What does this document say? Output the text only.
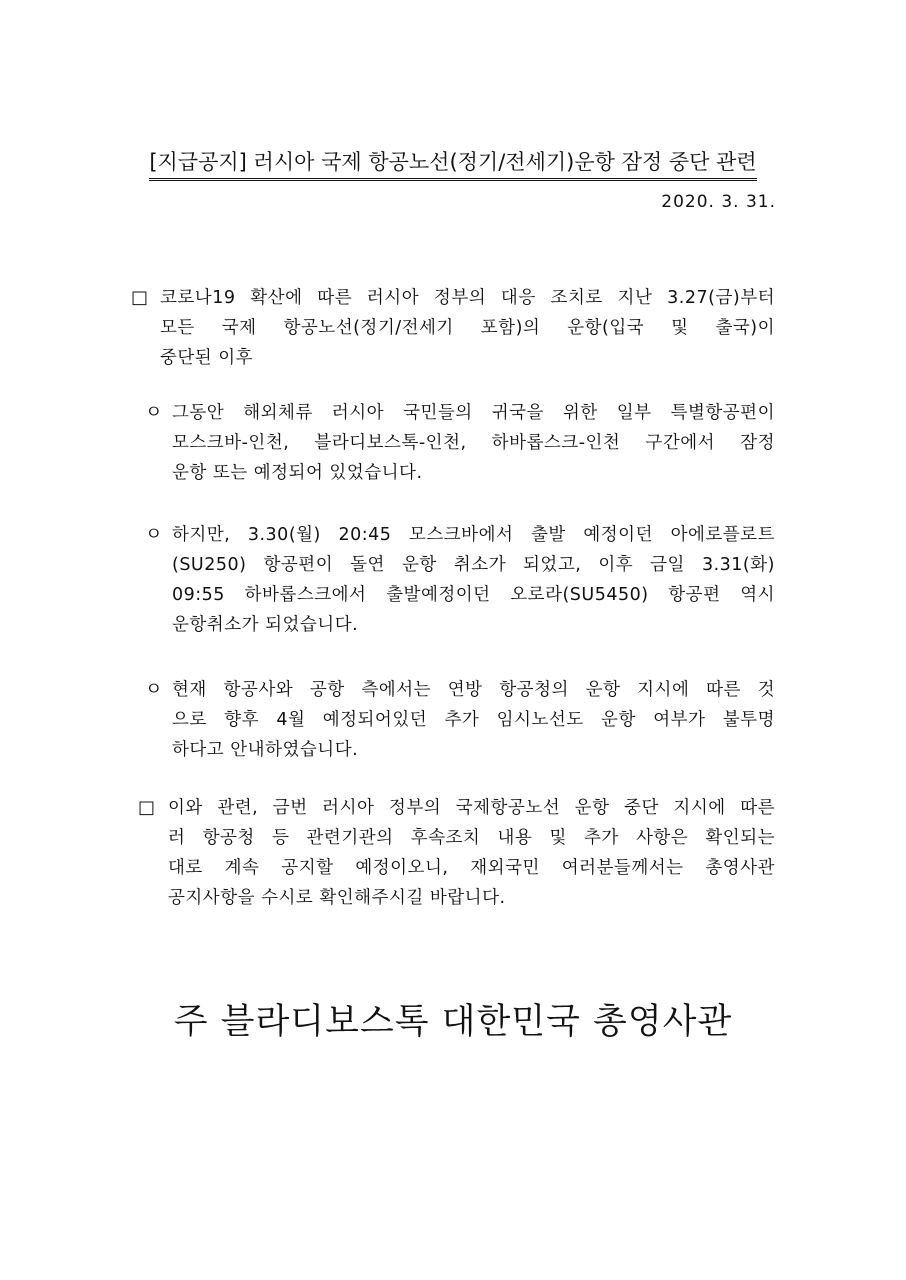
[지급공지] 러시아 국제 항공노선(정기/전세기)운항 잠정 중단 관련
2020. 3. 31.
□ 코로나19 확산에 따른 러시아 정부의 대응 조치로 지난 3.27(금)부터
모든 국제 항공노선(정기/전세기 포함)의 운항(입국 및 출국)이
중단된 이후
ㅇ 그동안 해외체류 러시아 국민들의 귀국을 위한 일부 특별항공편이
모스크바-인천, 블라디보스톡-인천, 하바롭스크-인천 구간에서 잠정
운항 또는 예정되어 있었습니다.
ㅇ 하지만, 3.30(월) 20:45 모스크바에서 출발 예정이던 아에로플로트
(SU250) 항공편이 돌연 운항 취소가 되었고, 이후 금일 3.31(화)
09:55 하바롭스크에서 출발예정이던 오로라(SU5450) 항공편 역시
운항취소가 되었습니다.
ㅇ 현재 항공사와 공항 측에서는 연방 항공청의 운항 지시에 따른 것
으로 향후 4월 예정되어있던 추가 임시노선도 운항 여부가 불투명
하다고 안내하였습니다.
□ 이와 관련, 금번 러시아 정부의 국제항공노선 운항 중단 지시에 따른
러 항공청 등 관련기관의 후속조치 내용 및 추가 사항은 확인되는
대로 계속 공지할 예정이오니, 재외국민 여러분들께서는 총영사관
공지사항을 수시로 확인해주시길 바랍니다.
주 블라디보스톡 대한민국 총영사관
